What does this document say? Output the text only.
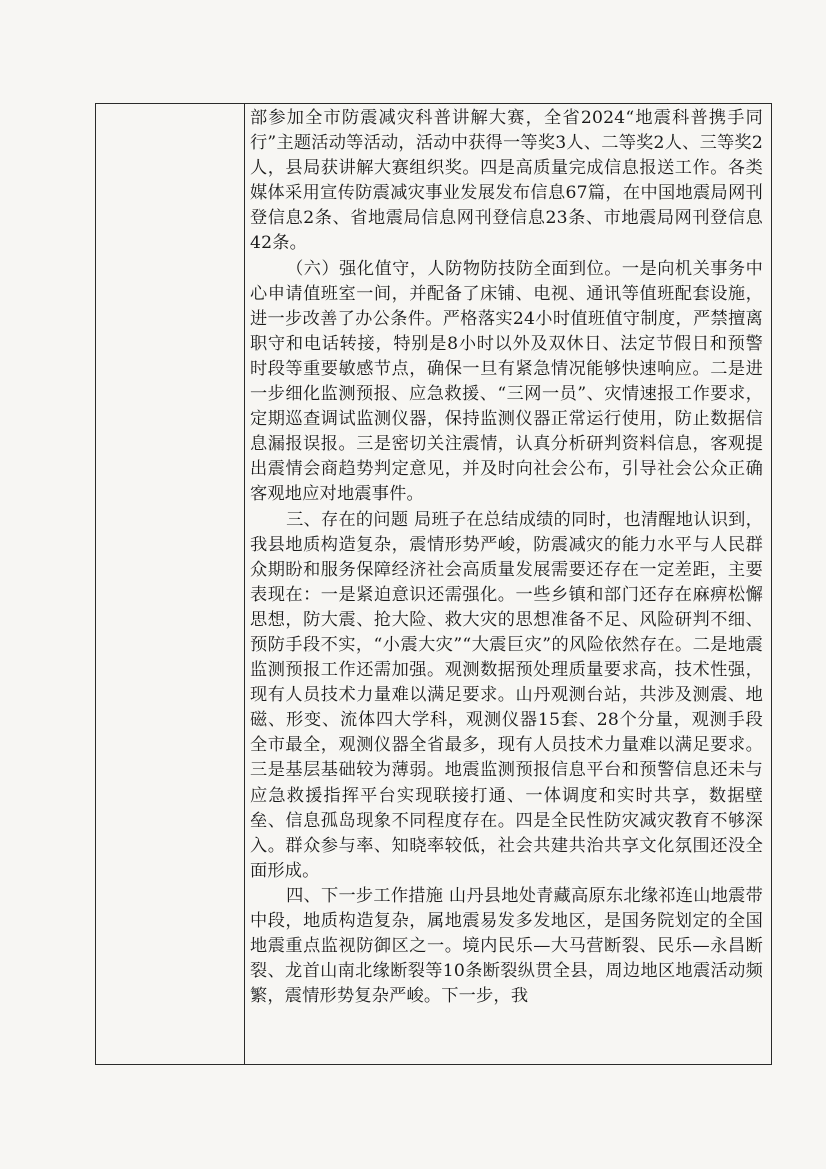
部参加全市防震减灾科普讲解大赛，全省2024“地震科普携手同行”主题活动等活动，活动中获得一等奖3人、二等奖2人、三等奖2人，县局获讲解大赛组织奖。四是高质量完成信息报送工作。各类媒体采用宣传防震减灾事业发展发布信息67篇，在中国地震局网刊登信息2条、省地震局信息网刊登信息23条、市地震局网刊登信息42条。

（六）强化值守，人防物防技防全面到位。一是向机关事务中心申请值班室一间，并配备了床铺、电视、通讯等值班配套设施，进一步改善了办公条件。严格落实24小时值班值守制度，严禁擅离职守和电话转接，特别是8小时以外及双休日、法定节假日和预警时段等重要敏感节点，确保一旦有紧急情况能够快速响应。二是进一步细化监测预报、应急救援、“三网一员”、灾情速报工作要求，定期巡查调试监测仪器，保持监测仪器正常运行使用，防止数据信息漏报误报。三是密切关注震情，认真分析研判资料信息，客观提出震情会商趋势判定意见，并及时向社会公布，引导社会公众正确客观地应对地震事件。

三、存在的问题 局班子在总结成绩的同时，也清醒地认识到，我县地质构造复杂，震情形势严峻，防震减灾的能力水平与人民群众期盼和服务保障经济社会高质量发展需要还存在一定差距，主要表现在：一是紧迫意识还需强化。一些乡镇和部门还存在麻痹松懈思想，防大震、抢大险、救大灾的思想准备不足、风险研判不细、预防手段不实，“小震大灾”“大震巨灾”的风险依然存在。二是地震监测预报工作还需加强。观测数据预处理质量要求高，技术性强，现有人员技术力量难以满足要求。山丹观测台站，共涉及测震、地磁、形变、流体四大学科，观测仪器15套、28个分量，观测手段全市最全，观测仪器全省最多，现有人员技术力量难以满足要求。三是基层基础较为薄弱。地震监测预报信息平台和预警信息还未与应急救援指挥平台实现联接打通、一体调度和实时共享，数据壁垒、信息孤岛现象不同程度存在。四是全民性防灾减灾教育不够深入。群众参与率、知晓率较低，社会共建共治共享文化氛围还没全面形成。

四、下一步工作措施 山丹县地处青藏高原东北缘祁连山地震带中段，地质构造复杂，属地震易发多发地区，是国务院划定的全国地震重点监视防御区之一。境内民乐—大马营断裂、民乐—永昌断裂、龙首山南北缘断裂等10条断裂纵贯全县，周边地区地震活动频繁，震情形势复杂严峻。下一步，我
